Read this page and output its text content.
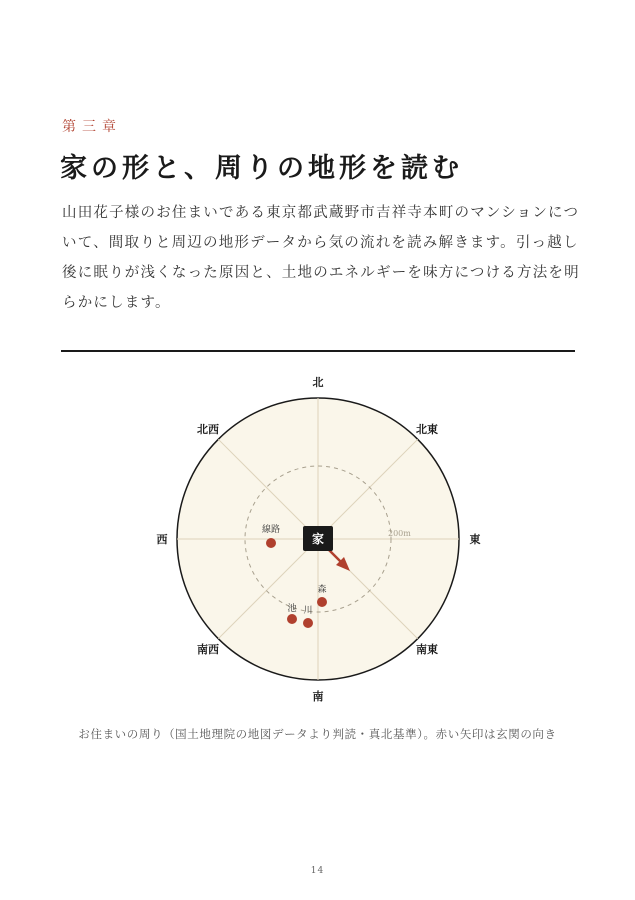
第三章
家の形と、周りの地形を読む

山田花子様のお住まいである東京都武蔵野市吉祥寺本町のマンションについて、間取りと周辺の地形データから気の流れを読み解きます。引っ越し後に眠りが浅くなった原因と、土地のエネルギーを味方につける方法を明らかにします。

200m
北
北東
東
南東
南
南西
西
北西
家
線路
森
池 川
お住まいの周り（国土地理院の地図データより判読・真北基準）。赤い矢印は玄関の向き
14
